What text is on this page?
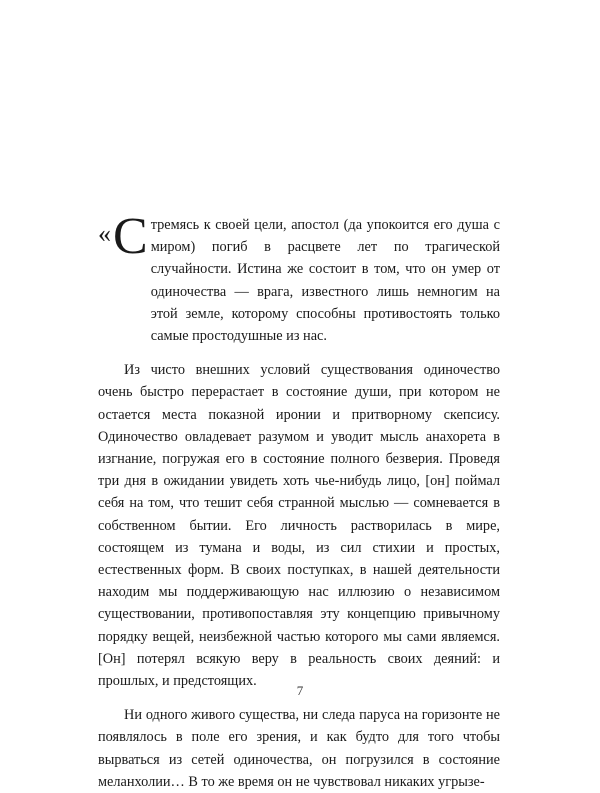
« С тремясь к своей цели, апостол (да упокоится его душа с миром) погиб в расцвете лет по трагической случайности. Истина же состоит в том, что он умер от одиночества — врага, известного лишь немногим на этой земле, которому способны противостоять только самые простодушные из нас.

Из чисто внешних условий существования одиночество очень быстро перерастает в состояние души, при котором не остается места показной иронии и притворному скепсису. Одиночество овладевает разумом и уводит мысль анахорета в изгнание, погружая его в состояние полного безверия. Проведя три дня в ожидании увидеть хоть чье-нибудь лицо, [он] поймал себя на том, что тешит себя странной мыслью — сомневается в собственном бытии. Его личность растворилась в мире, состоящем из тумана и воды, из сил стихии и простых, естественных форм. В своих поступках, в нашей деятельности находим мы поддерживающую нас иллюзию о независимом существовании, противопоставляя эту концепцию привычному порядку вещей, неизбежной частью которого мы сами являемся. [Он] потерял всякую веру в реальность своих деяний: и прошлых, и предстоящих.

Ни одного живого существа, ни следа паруса на горизонте не появлялось в поле его зрения, и как будто для того чтобы вырваться из сетей одиночества, он погрузился в состояние меланхолии… В то же время он не чувствовал никаких угрызе-

7
